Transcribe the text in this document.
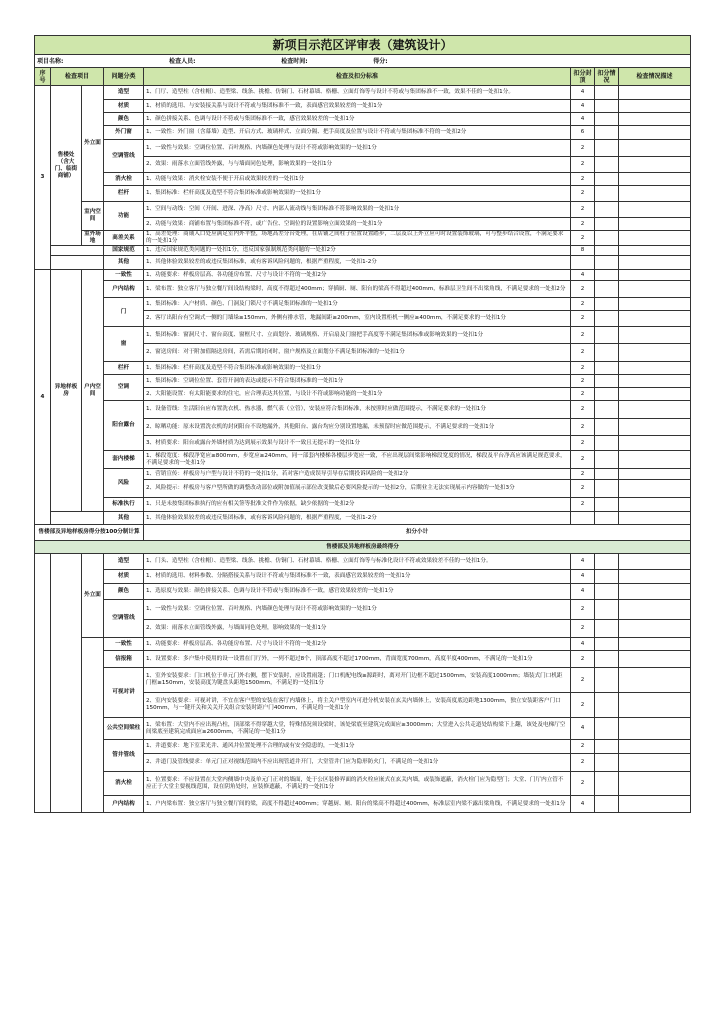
新项目示范区评审表（建筑设计）							
项目名称: 检查人员: 检查时间: 得分:							
序号	检查项目		问题分类	检查及扣分标准	扣分封顶	扣分情况	检查情况描述
3	售楼处（含大门、临街商铺）	外立面	造型	1、门厅、造型柱（含柱帽）、造型梁、线条、挑檐、仿铜门、石材幕墙、格栅、立面灯饰等与设计不符或与集团标准不一致，效果不佳的一处扣1分。	4		
			材质	1、材质的选用、与安装接关系与设计不符或与集团标准不一致，表面感官效果较差的一处扣1分	4		
			颜色	1、颜色拼接关系、色调与设计不符或与集团标准不一致，感官效果较差的一处扣1分	4		
			外门窗	1、一致性：外门窗（含幕墙）造型、开启方式、玻璃样式、立面分隔、把手高度及位置与设计不符或与集团标准不符的一处扣2分	6		
			空调管线	1、一致性与效果：空调位位置、百叶规格、内墙颜色处理与设计不符或影响效果的一处扣1分	2		
				2、效果：雨落水立面管线外露，与与墙面同色处理，影响效果的一处扣1分	2		
			消火栓	1、功能与效果：消火栓安装不便于开启或效果较差的一处扣1分	2		
			栏杆	1、集团标准：栏杆高度及造型不符合集团标准或影响效果的一处扣1分	2		
		室内空间	功能	1、空间与动线：空间（开间、进深、净高）尺寸、内部人流动线与集团标准不符影响效果的一处扣1分	2		
				2、功能与效果：商铺布置与集团标准不符，或广告位、空调位的设置影响立面效果的一处扣1分	2		
		室外场地	高差关系	1、高差处理：商铺入口处应满足室内外平整，场地高差分台处理，在店铺之间柱子位置设置踏步，二层及以上外立应可时设置装饰玻璃，可与整步结合设置，不满足要求的一处扣1分	2		
			国家规范	1、违反国家规范类问题的一处扣1分，违反国家强制规范类问题的一处扣2分	8		
			其他	1、其他体验效果较差的或违反集团标准，或有客诉风险问题的，根据严重程度，一处扣1-2分			
4	异地样板房	户内空间	一致性	1、功能要求：样板房层高、各功能房布置、尺寸与设计不符的一处扣2分	4		
			户内结构	1、梁布置：独立客厅与独立餐厅间设结构梁时，高度不得超过400mm；穿插厨、厕、阳台的梁高不得超过400mm，标准层卫生间不出梁角线，不满足要求的一处扣2分	2		
			门	1、集团标准：入户材质、颜色、门洞及门锁尺寸不满足集团标准的一处扣1分	2		
				2、客厅出阳台有空调式一侧的门墙垛≥150mm，外侧有排水管，地漏间距≥200mm，室内设置柜机一侧应≥400mm，不满足要求的一处扣1分	2		
			窗	1、集团标准：窗洞尺寸、窗台高度、窗框尺寸、立面划分、玻璃规格、开启扇及门窗把手高度等不满足集团标准或影响效果的一处扣1分	2		
				2、窗送房间：对于附加值隔送房间，若需后期封闭时，窗户规格及立面划分不满足集团标准的一处扣1分	2		
			栏杆	1、集团标准：栏杆高度及造型不符合集团标准或影响效果的一处扣1分	2		
			空调	1、集团标准：空调位位置、套管开洞的表达或提示不符合集团标准的一处扣1分	2		
				2、大阳能设置：有太阳能要求的住宅，应合理表达其位置，与设计不符或影响功能的一处扣1分	2		
			阳台露台	1、设备管线：生活阳台应布置洗衣机、热水器，燃气表（立管），安装应符合集团标准，未按照时应做范围提示，不满足要求的一处扣1分	2		
				2、晾晒功能：原未设置洗衣机的封闭阳台不设地漏外，其他阳台、露台均应分别设置地漏，未预留时应做范围提示，不满足要求的一处扣1分	2		
				3、材质要求：阳台或露台外墙材质为达到展示效果与设计不一致且无提示的一处扣1分	2		
			套内楼梯	1、梯段宽度：梯段净宽应≥800mm，步宽应≥240mm，同一部套内楼梯各楼层步宽应一致，不应出现层间梁影响梯段宽度的情况，梯段及平台净高应该满足规范要求，不满足要求的一处扣1分	2		
			风险	1、营销宣传：样板房与户型与设计不符的一处扣1分，若对客户造成误导引导存后期投诉风险的一处扣2分	2		
				2、风险提示：样板房与客户型所做的调整改动部位或附加值展示部位改变做后必要风险提示的一处扣2分，后期业主无法实现展示内容做的一处扣3分	2		
			标准执行	1、只是未按集团标准执行的应有相关签等批准文件作为依据，缺少依据的一处扣2分	2		
			其他	1、其他体验效果较差的或违反集团标准，或有客诉风险问题的，根据严重程度，一处扣1-2分			
售楼部及异地样板房得分按100分制计算				扣分小计			
售楼部及异地样板房最终得分							
		外立面	造型	1、门头、造型柱（含柱帽）、造型梁、线条、挑檐、仿铜门、石材幕墙、格栅、立面灯饰等与标准化设计不符或效果较差不佳的一处扣1分。	4		
			材质	1、材质的选用、材料参数、分隔搭接关系与设计不符或与集团标准不一致，表面感官效果较差的一处扣1分	4		
			颜色	1、选原度与效果：颜色拼接关系、色调与设计不符或与集团标准不一致，感官效果较差的一处扣1分	4		
			空调管线	1、一致性与效果：空调位位置、百叶规格、内墙颜色处理与设计不符或影响效果的一处扣1分	2		
				2、效果：雨落水立面管线外露，与墙面同色处理，影响效果的一处扣1分	2		
			一致性	1、功能要求：样板房层高、各功能房布置、尺寸与设计不符的一处扣2分	4		
			信报箱	1、设置要求：多户集中使用的设一设置在门厅外，一列不超过8个，顶部高度不超过1700mm，背面宽度700mm，高度半度400mm，不满足的一处扣1分	2		
			可视对讲	1、室外安装要求：门口机位于单元门外右侧，摆下安装时，应设置雨篷；门口机配电线≥源距时，离对开门边框不超过1500mm，安装高度1000mm；墙装式门口机距门框≥150mm，安装高度为键盘头距地1500mm，不满足的一处扣1分	2		
				2、室内安装要求：可视对讲，不宜在客户型的安装在客厅内墙体上，将主关户型室内可进分机安装在玄关内墙体上，安装高度底边距地1300mm，独立安装距客户门口150mm，与一键开关和关关开关组合安装时距户门400mm，不满足的一处扣1分	2		
			公共空间梁柱	1、梁布置：大堂内不应出现凸柱，顶部梁不得穿越大堂，特殊情况须设梁时，该处梁底至建筑完成面应≥3000mm；大堂进入公共走道处结构梁下上翻，该处及电梯厅空间梁底至建筑完成面应≥2600mm，不满足的一处扣1分	4		
			管井管线	1、井道要求：地下室采光井、通风井位置处理不合理的或有安全隐患的，一处扣1分	2		
				2、井道门及管线要求：单元门正对视线范围内不应出现管道井开门，大堂管井门应为隐形防火门，不满足的一处扣1分	2		
			消火栓	1、位置要求：不应设置在大堂内侧墙中央及单元门正对的墙面，处于公区装修界面的消火栓应嵌式在玄关内墙，或装饰遮蔽，消火栓门应为隐型门；大堂、门厅内立管不应正于大堂主要视线范围，设在阴角处时，应装修遮蔽，不满足的一处扣1分	2		
			户内结构	1、户内梁布置：独立客厅与独立餐厅间的梁，高度不得超过400mm；穿越厨、厕、阳台的梁高不得超过400mm，标准层室内梁不露出梁角线，不满足要求的一处扣1分	4		
